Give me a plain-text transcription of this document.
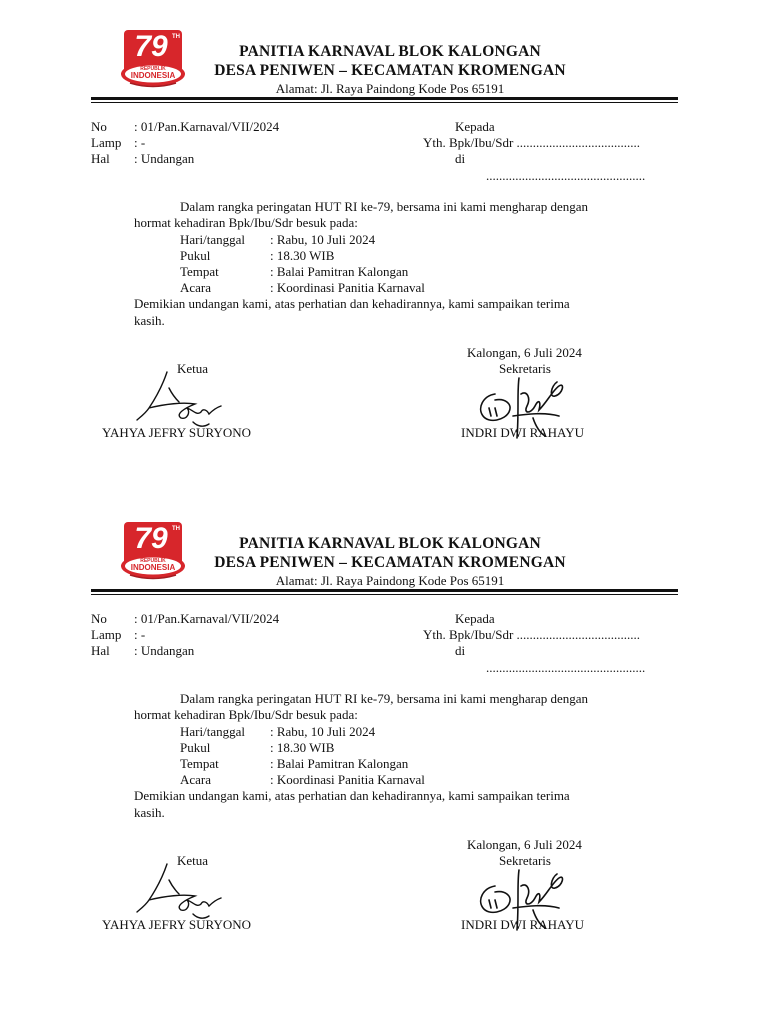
79 TH
REPUBLIK
INDONESIA
PANITIA KARNAVAL BLOK KALONGAN
DESA PENIWEN – KECAMATAN KROMENGAN
Alamat: Jl. Raya Paindong Kode Pos 65191
No : 01/Pan.Karnaval/VII/2024
Lamp : -
Hal : Undangan
Kepada
Yth. Bpk/Ibu/Sdr ......................................
di
.................................................
Dalam rangka peringatan HUT RI ke-79, bersama ini kami mengharap dengan
hormat kehadiran Bpk/Ibu/Sdr besuk pada:
Hari/tanggal : Rabu, 10 Juli 2024
Pukul	: 18.30 WIB
Tempat	: Balai Pamitran Kalongan
Acara	: Koordinasi Panitia Karnaval
Demikian undangan kami, atas perhatian dan kehadirannya, kami sampaikan terima
kasih.
Kalongan, 6 Juli 2024
Ketua	Sekretaris
YAHYA JEFRY SURYONO	INDRI DWI RAHAYU
79 TH
REPUBLIK
INDONESIA
PANITIA KARNAVAL BLOK KALONGAN
DESA PENIWEN – KECAMATAN KROMENGAN
Alamat: Jl. Raya Paindong Kode Pos 65191
No : 01/Pan.Karnaval/VII/2024
Lamp : -
Hal : Undangan
Kepada
Yth. Bpk/Ibu/Sdr ......................................
di
.................................................
Dalam rangka peringatan HUT RI ke-79, bersama ini kami mengharap dengan
hormat kehadiran Bpk/Ibu/Sdr besuk pada:
Hari/tanggal : Rabu, 10 Juli 2024
Pukul	: 18.30 WIB
Tempat	: Balai Pamitran Kalongan
Acara	: Koordinasi Panitia Karnaval
Demikian undangan kami, atas perhatian dan kehadirannya, kami sampaikan terima
kasih.
Kalongan, 6 Juli 2024
Ketua	Sekretaris
YAHYA JEFRY SURYONO	INDRI DWI RAHAYU
